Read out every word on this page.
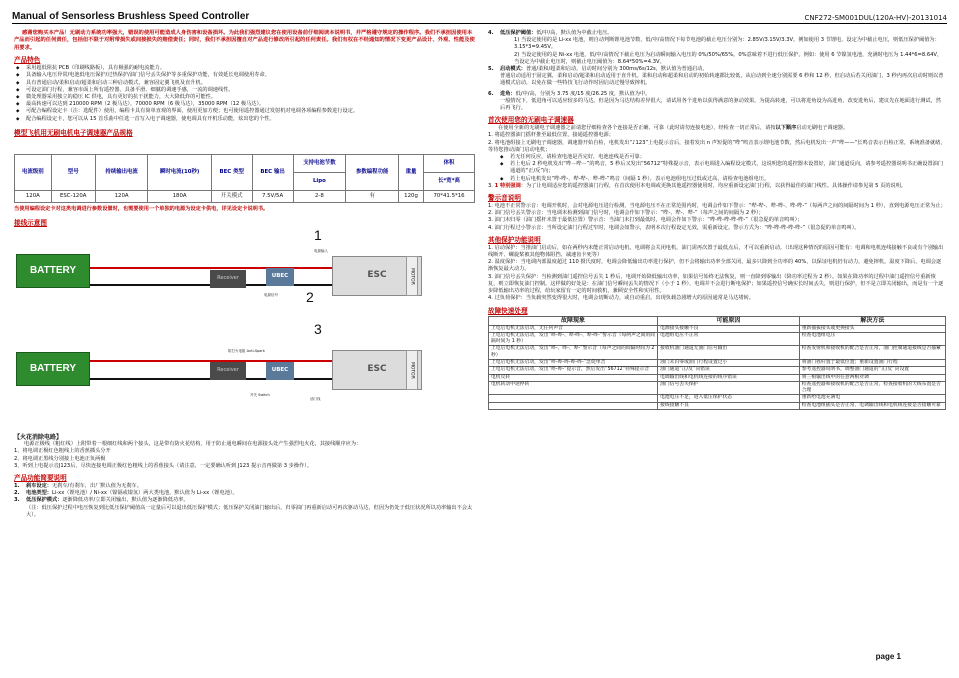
Manual of Sensorless Brushless Speed Controller	CNF272-SM001DUL(120A-HV)-20131014

感谢您购买本产品！无刷动力系统功率强大，错误的使用可能造成人身伤害和设备损坏。为此我们强烈建议您在使用设备前仔细阅读本说明书，并严格遵守规定的操作程序。我们不承担因使用本产品而引起的任何责任，包括但不限于对附带损失或间接损失的赔偿责任；同时，我们不承担因擅自对产品进行修改所引起的任何责任。我们有权在不经通知的情况下变更产品设计、外观、性能及使用要求。

产品特色
◆ 采用超低阻抗 PCB（印刷线路板），具有极强的耐电流能力。
◆ 具备输入电压异常/电池低电压保护/过热保护/油门信号丢失保护等多重保护功能，有效延长电调使用寿命。
◆ 具有普通启动/柔和启动/超柔和启动三种启动模式，兼容固定翼飞机及直升机。
◆ 可设定油门行程，兼容市面上所有遥控器，具备平滑、细腻的调速手感，一流的调速线性。
◆ 微处理器采用独立的稳压 IC 供电，具有更好的抗干扰能力，大大降低炸的可能性。
◆ 最高转速可以达到 210000 RPM（2 极马达），70000 RPM（6 极马达），35000 RPM（12 极马达）。
◆ 可配合编程设定卡（注：选配件）使用，编程卡具有简单直观的界面，使用更加方便；也可使用遥控器通过发射机对电调各项编程参数进行设定。
◆ 配合编程设定卡，您可以从 15 首乐曲中任选一首写入电子调速器，使电调具有开机乐动能，炫出您的个性。
模型飞机用无刷电机电子调速器产品规格
电流级别	型号	持续输出电流	瞬时电流(10秒)	BEC 类型	BEC 输出	支持电池节数	参数编程功能	重量	体积
						Lipo			长*宽*高
120A	ESC-120A	120A	180A	开关模式	7.5V/5A	2-8	有	120g	70*41.5*16

当使用编程设定卡对这类电调进行参数设置时，也需要使用一个单独的电源为设定卡供电，详见设定卡说明书。

接线示意图
BATTERY
Receiver	UBEC	ESC	MOTOR
1
2
电源信号
电源输入
BATTERY	Receiver	UBEC	ESC	MOTOR
3
防打火电阻 Anti-Spark
开关 Switch
油门线
【火花消除电路】

电源正极线（粗红线）上附带着一根细红线和两个接头，这是带有防火花结构，用于防止通电瞬间在电源接头处产生强烈电火花，其接线顺序应为：

1、将电调正极红色粗线上的香蕉插头分开

2、将电调正黑线分别接上电池正负两极

3、听到上电提示音J123后，尽快连接电调正极红色粗线上的香蕉接头（请注意，一定要确认听到 J123 提示音再做第 3 步操作）。

产品功能简要说明
1. 刹车设定：无刹车/有刹车，出厂默认值为无刹车。
2. 电池类型：Li-xx（锂电池）/ Ni-xx（镍镉或镍氢）两大类电池，默认值为 Li-xx（锂电池）。
3. 低压保护模式：逐渐降低功率/立即关闭输出，默认值为逐渐降低功率。

（注：低压保护过程中电压恢复到比低压保护阈值高一定量后可以退出低压保护模式；低压保护关闭油门输出后，归零油门再重新启动可再次驱动马达，但因为仍处于低压状况所以功率输出不会太大）。

4. 低压保护阈值：低/中/高，默认值为中截止电压。

1) 当设定使用的是 Li-xx 电池，则自动判断锂电池节数，低/中/高情况下每节电池的截止电压分别为：2.85V/3.15V/3.3V。例如使用 3 节锂电，设定为中截止电压，则低压保护阈值为：3.15*3=9.45V。

2) 当设定使用的是 Ni-xx 电池，低/中/高情况下截止电压为启动瞬间输入电压的 0%/50%/65%。0%意味着不进行低压保护。例如：使用 6 节镍氢电池，充满时电压为 1.44*6=8.64V，当设定为中截止电压时，则截止电压阈值为：8.64*50%=4.3V。

5. 启动模式：普通/柔和/超柔和启动，启动时间分别为 300ms/6s/12s，默认值为普通启动。

普通启动适用于固定翼，柔和启动/超柔和启动适用于直升机。柔和启动和超柔和启动的初始转速都比较低，从启动到全速分别需要 6 秒和 12 秒，但启动后若关闭油门，3 秒内再次启动时则以普通模式启动，以免在做一些特技飞行动作时因启动过慢导致摔机。

6. 进角：低/中/高，分别为 3.75 度/15 度/26.25 度，默认值为中。

一般情况下，低进角可以适应较多的马达。但是因为马达结构差异很大，请试用各个进角以获得满意的驱动效果。为提高转速，可以将进角设为高进角，改变进角后，建议先在地面进行测试，然后再飞行。

首次使用您的无刷电子调速器

在使用全新的无刷电子调速器之前请您仔细检查各个连接是否正确、可靠（此时请勿连接电池），经检查一切正常后，请按以下顺序启动无刷电子调速器。

1. 将遥控器油门摇杆推至最低位置，接通遥控器电源；

2. 将电池组接上无刷电子调速器，调速器开始自检，电机发出“♪123”上电提示音后，接着发出 n 声短促的“哔”鸣音表示锂电池节数，然后电机发出一声“哔——”长鸣音表示自检正常，系统准备就绪，等待您推动油门启动电机；

◆ 若无任何反应，请检查电池是否完好，电池连线是否可靠；
◆ 若上电后 2 秒电机发出“哔－哔－”的鸣音，5 秒后又发出“56712”特殊提示音，表示电调进入编程设定模式，这说明您的遥控器未设置好，油门通道反向，请参考遥控器说明书正确设置油门通道的“正/反”向；
◆ 若上电后电机发出“哔-哔-、哔-哔-、哔-哔-”鸣音（间隔 1 秒），表示电池组电压过低或过高，请检查电池组电压。

3. 1 特别强调：为了让电调适应您的遥控器油门行程，在首次使用本电调或更换其他遥控器使用时，均应重新设定油门行程，以获得最佳的油门线性。具体操作请参见第 5 页的说明。

警示音说明

1. 电池不正常警示音：电调开机时，会对电源电压进行检测，当电源电压不在正常范围内时，电调会作如下警示：“哔-哔-、哔-哔-、哔-哔-”（每两声之间的间隔时间为 1 秒），直到电源电压正常为止；

2. 油门信号丢失警示音：当电调未检测到油门信号时，电调会作如下警示：“哔-、哔-、哔-”（每声之间的间隔为 2 秒）；

3. 油门未归零（油门摇杆未置于最低位置）警示音：当油门未打到最低时，电调会作如下警示：“哔-哔-哔-哔-哔-”（很急促的单音鸣叫）；

4. 油门行程过小警示音：当所设定油门行程过窄时，电调会如警示，表明本次行程设定无效，需重新设定。警示方式为：“哔-哔-哔-哔-哔-”（很急促的单音鸣叫）。

其他保护功能说明

1. 启动保护：当推油门启动后，如在两秒内未能正常启动电机，电调将会关闭电机，油门需再次置于最低点后，才可以重新启动。（出现这种情况的原因可能有：电调和电机连线接触不良或有个别输出线断开、螺旋桨被其他物体阻挡、减速齿卡死等）

2. 温度保护：当电调内部温度超过 110 摄氏度时，电调会降低输出功率进行保护，但不会将输出功率全部关闭，最多只降到全功率的 40%，以保证电机仍有动力，避免摔机。温度下降后，电调会逐渐恢复最大动力。

3. 油门信号丢失保护：当检测到油门遥控信号丢失 1 秒后，电调开始降低输出功率，如果信号始终无法恢复，则一直降到零输出（降功率过程为 2 秒）。如果在降功率的过程中油门遥控信号重新恢复，则立即恢复油门控制。这样做的好处是：在油门信号瞬间丢失的情况下（小于 1 秒），电调并不会进行断电保护；如果遥控信号确实长时间丢失，则进行保护，但不是立即关闭输出，而是有一个逐步降低输出功率的过程，给玩家留有一定的时间救机，兼顾安全性和实用性。

4. 过负荷保护：当负载突然变得很大时，电调会切断动力，或自动重启。出现负载急剧增大的原因通常是马达堵转。

故障快速处理
故障现象	可能原因	解决方法
上电后电机无法启动，无任何声音	电源接头接触不良	重新插拔接头或更换接头
上电后电机无法启动，发出“哔-哔-、哔-哔-、哔-哔-”警示音（每两声之间的间隔时间为 1 秒）	电池组电压不正常	检查电池组电压
上电后电机无法启动，发出“哔-、哔-、哔-”警示音（每声之间的间隔时间为 2 秒）	接收机油门通道无油门信号输出	检查发射机和接收机的配合是否正常，油门控制通道接线是否插紧
上电后电机无法启动，发出“哔-哔-哔-哔-哔-”急促单音	油门未归零或油门行程设置过小	将油门摇杆置于最低位置；重新设置油门行程
上电后电机无法启动，发出“哔-哔-”提示音，然后发出“56712”特殊提示音	油门通道“正/反”向错误	参考遥控器说明书，调整油门通道的“正/反”向设置
电机反转	电调输出线和电机线连接的线序错误	将三根输出线中的任意两根对调
电机转动中途停转	油门信号丢失保护	检查遥控器和接收机的配合是否正常，检查接收机的天线布置是否合理
	电池电压不足，进入低压保护状态	重新给电池充满电
	接线接触不良	检查电池组插头是否正常、电调输出线和电机线连接是否接触可靠
page 1
